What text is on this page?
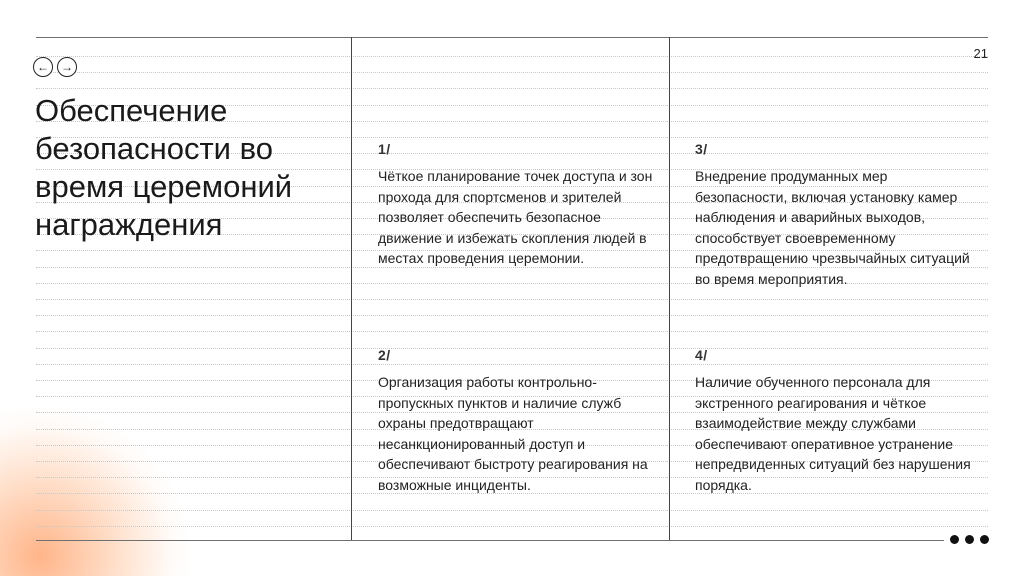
21
← →
Обеспечение безопасности во время церемоний награждения
1/

Чёткое планирование точек доступа и зон прохода для спортсменов и зрителей позволяет обеспечить безопасное движение и избежать скопления людей в местах проведения церемонии.

2/

Организация работы контрольно-пропускных пунктов и наличие служб охраны предотвращают несанкционированный доступ и обеспечивают быстроту реагирования на возможные инциденты.

3/

Внедрение продуманных мер безопасности, включая установку камер наблюдения и аварийных выходов, способствует своевременному предотвращению чрезвычайных ситуаций во время мероприятия.

4/

Наличие обученного персонала для экстренного реагирования и чёткое взаимодействие между службами обеспечивают оперативное устранение непредвиденных ситуаций без нарушения порядка.
